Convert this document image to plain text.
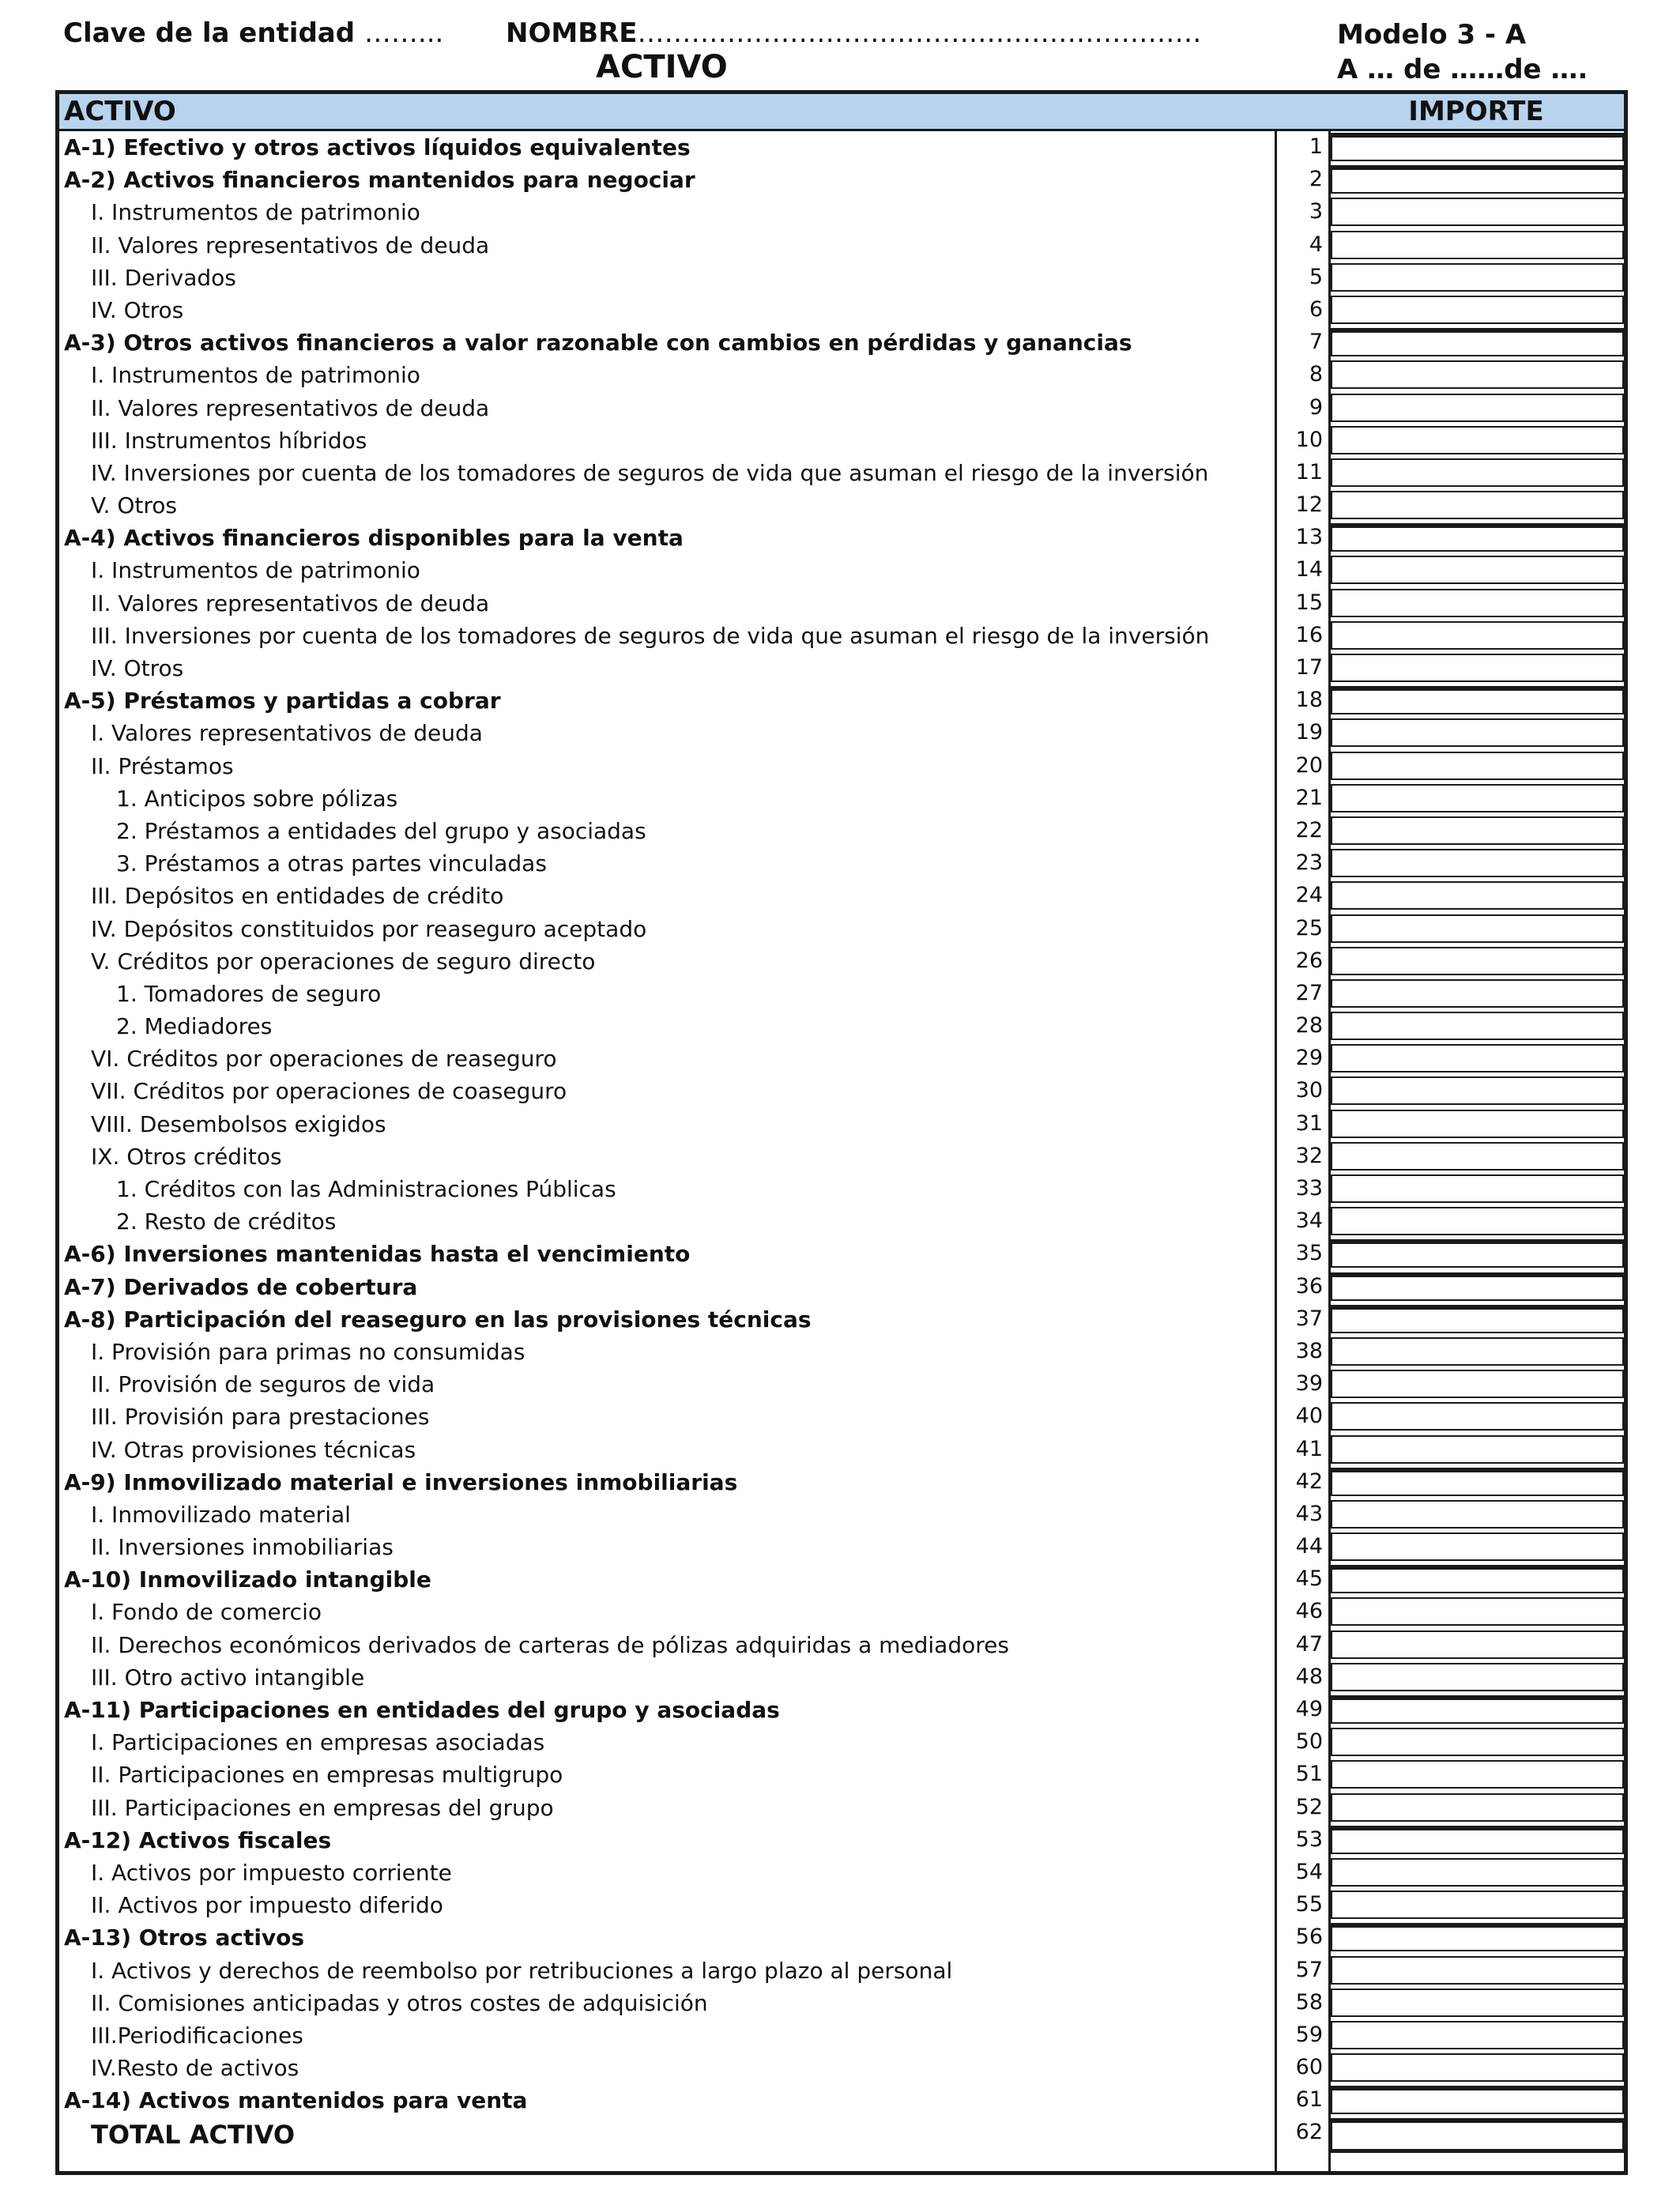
Clave de la entidad ……... NOMBRE………………………………………………………	Modelo 3 - A
ACTIVO	A … de ……de ….
ACTIVO	IMPORTE
A-1) Efectivo y otros activos líquidos equivalentes	1
A-2) Activos financieros mantenidos para negociar	2
I. Instrumentos de patrimonio	3
II. Valores representativos de deuda	4
III. Derivados	5
IV. Otros	6
A-3) Otros activos financieros a valor razonable con cambios en pérdidas y ganancias	7
I. Instrumentos de patrimonio	8
II. Valores representativos de deuda	9
III. Instrumentos híbridos	10
IV. Inversiones por cuenta de los tomadores de seguros de vida que asuman el riesgo de la inversión	11
V. Otros	12
A-4) Activos financieros disponibles para la venta	13
I. Instrumentos de patrimonio	14
II. Valores representativos de deuda	15
III. Inversiones por cuenta de los tomadores de seguros de vida que asuman el riesgo de la inversión	16
IV. Otros	17
A-5) Préstamos y partidas a cobrar	18
I. Valores representativos de deuda	19
II. Préstamos	20
1. Anticipos sobre pólizas	21
2. Préstamos a entidades del grupo y asociadas	22
3. Préstamos a otras partes vinculadas	23
III. Depósitos en entidades de crédito	24
IV. Depósitos constituidos por reaseguro aceptado	25
V. Créditos por operaciones de seguro directo	26
1. Tomadores de seguro	27
2. Mediadores	28
VI. Créditos por operaciones de reaseguro	29
VII. Créditos por operaciones de coaseguro	30
VIII. Desembolsos exigidos	31
IX. Otros créditos	32
1. Créditos con las Administraciones Públicas	33
2. Resto de créditos	34
A-6) Inversiones mantenidas hasta el vencimiento	35
A-7) Derivados de cobertura	36
A-8) Participación del reaseguro en las provisiones técnicas	37
I. Provisión para primas no consumidas	38
II. Provisión de seguros de vida	39
III. Provisión para prestaciones	40
IV. Otras provisiones técnicas	41
A-9) Inmovilizado material e inversiones inmobiliarias	42
I. Inmovilizado material	43
II. Inversiones inmobiliarias	44
A-10) Inmovilizado intangible	45
I. Fondo de comercio	46
II. Derechos económicos derivados de carteras de pólizas adquiridas a mediadores	47
III. Otro activo intangible	48
A-11) Participaciones en entidades del grupo y asociadas	49
I. Participaciones en empresas asociadas	50
II. Participaciones en empresas multigrupo	51
III. Participaciones en empresas del grupo	52
A-12) Activos fiscales	53
I. Activos por impuesto corriente	54
II. Activos por impuesto diferido	55
A-13) Otros activos	56
I. Activos y derechos de reembolso por retribuciones a largo plazo al personal	57
II. Comisiones anticipadas y otros costes de adquisición	58
III.Periodificaciones	59
IV.Resto de activos	60
A-14) Activos mantenidos para venta	61
TOTAL ACTIVO	62
